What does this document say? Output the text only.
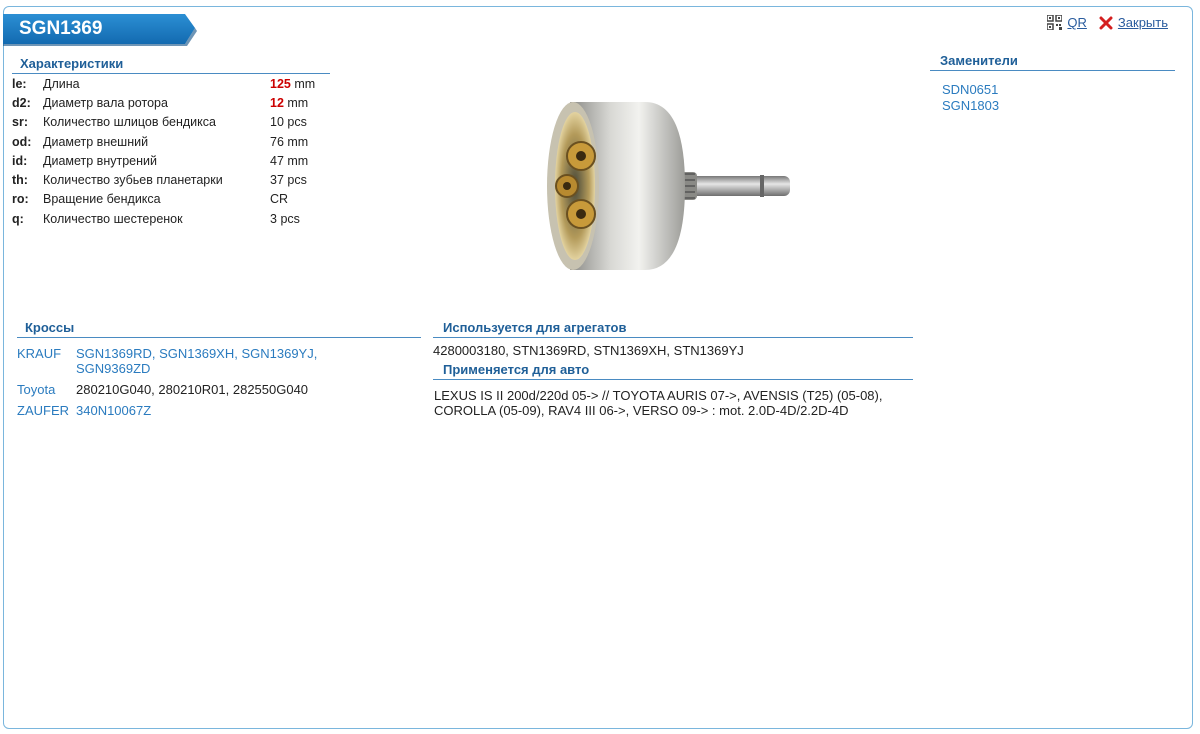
SGN1369	QR Закрыть
Характеристики
le:	Длина	125 mm
d2: Диаметр вала ротора	12 mm
sr:	Количество шлицов бендикса	10 pcs
od: Диаметр внешний	76 mm
id:	Диаметр внутрений	47 mm
th:	Количество зубьев планетарки	37 pcs
ro:	Вращение бендикса	CR
q:	Количество шестеренок	3 pcs
Заменители
SDN0651
SGN1803
Кроссы
KRAUF	SGN1369RD, SGN1369XH, SGN1369YJ, SGN9369ZD
Toyota	280210G040, 280210R01, 282550G040
ZAUFER 340N10067Z
Используется для агрегатов
4280003180, STN1369RD, STN1369XH, STN1369YJ
Применяется для авто
LEXUS IS II 200d/220d 05-> // TOYOTA AURIS 07->, AVENSIS (T25) (05-08), COROLLA (05-09), RAV4 III 06->, VERSO 09-> : mot. 2.0D-4D/2.2D-4D
